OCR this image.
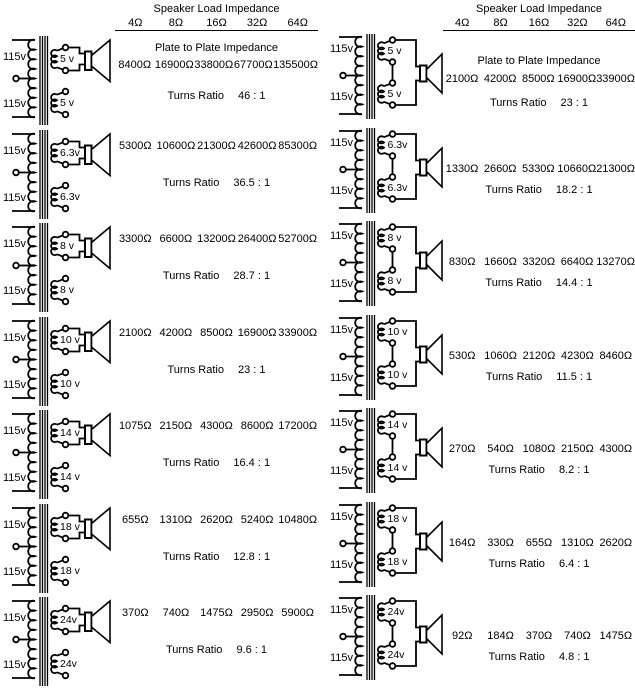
Speaker Load Impedance
4Ω	8Ω	16Ω	32Ω	64Ω
115v
115v
5 v
5 v
Plate to Plate Impedance
8400Ω 16900Ω 33800Ω 67700Ω 135500Ω
Turns Ratio 46 : 1
115v
115v
6.3v
6.3v
5300Ω 10600Ω 21300Ω 42600Ω 85300Ω
Turns Ratio 36.5 : 1
115v
115v
8 v
8 v
3300Ω 6600Ω 13200Ω 26400Ω 52700Ω
Turns Ratio 28.7 : 1
115v
115v
10 v
10 v
2100Ω 4200Ω 8500Ω 16900Ω 33900Ω
Turns Ratio 23 : 1
115v
115v
14 v
14 v
1075Ω 2150Ω 4300Ω 8600Ω 17200Ω
Turns Ratio 16.4 : 1
115v
115v
18 v
18 v
655Ω 1310Ω 2620Ω 5240Ω 10480Ω
Turns Ratio 12.8 : 1
115v
115v
24v
24v
370Ω	740Ω 1475Ω 2950Ω 5900Ω
Turns Ratio 9.6 : 1
Speaker Load Impedance
4Ω	8Ω	16Ω	32Ω	64Ω
115v
115v
5 v
5 v
Plate to Plate Impedance
2100Ω 4200Ω 8500Ω 16900Ω 33900Ω
Turns Ratio 23 : 1
115v
115v
6.3v
6.3v
1330Ω 2660Ω 5330Ω 10660Ω 21300Ω
Turns Ratio 18.2 : 1
115v
115v
8 v
8 v
830Ω 1660Ω 3320Ω 6640Ω 13270Ω
Turns Ratio 14.4 : 1
115v
115v
10 v
10 v
530Ω 1060Ω 2120Ω 4230Ω 8460Ω
Turns Ratio 11.5 : 1
115v
115v
14 v
14 v
270Ω	540Ω 1080Ω 2150Ω 4300Ω
Turns Ratio 8.2 : 1
115v
115v
18 v
18 v
164Ω	330Ω	655Ω 1310Ω 2620Ω
Turns Ratio 6.4 : 1
115v
115v
24v
24v
92Ω	184Ω	370Ω	740Ω 1475Ω
Turns Ratio 4.8 : 1
